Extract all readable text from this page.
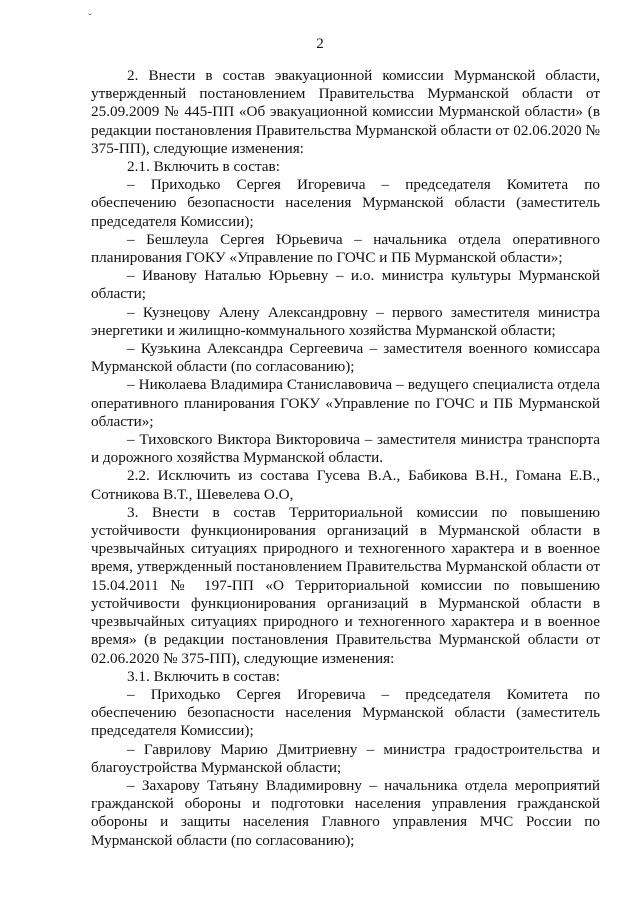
ˇ
2

2. Внести в состав эвакуационной комиссии Мурманской области, утвержденный постановлением Правительства Мурманской области от 25.09.2009 № 445-ПП «Об эвакуационной комиссии Мурманской области» (в редакции постановления Правительства Мурманской области от 02.06.2020 № 375-ПП), следующие изменения:

2.1. Включить в состав:

– Приходько Сергея Игоревича – председателя Комитета по обеспечению безопасности населения Мурманской области (заместитель председателя Комиссии);

– Бешлеула Сергея Юрьевича – начальника отдела оперативного планирования ГОКУ «Управление по ГОЧС и ПБ Мурманской области»;

– Иванову Наталью Юрьевну – и.о. министра культуры Мурманской области;

– Кузнецову Алену Александровну – первого заместителя министра энергетики и жилищно-коммунального хозяйства Мурманской области;

– Кузькина Александра Сергеевича – заместителя военного комиссара Мурманской области (по согласованию);

– Николаева Владимира Станиславовича – ведущего специалиста отдела оперативного планирования ГОКУ «Управление по ГОЧС и ПБ Мурманской области»;

– Тиховского Виктора Викторовича – заместителя министра транспорта и дорожного хозяйства Мурманской области.

2.2. Исключить из состава Гусева В.А., Бабикова В.Н., Гомана Е.В., Сотникова В.Т., Шевелева О.О,

3. Внести в состав Территориальной комиссии по повышению устойчивости функционирования организаций в Мурманской области в чрезвычайных ситуациях природного и техногенного характера и в военное время, утвержденный постановлением Правительства Мурманской области от 15.04.2011 № 197-ПП «О Территориальной комиссии по повышению устойчивости функционирования организаций в Мурманской области в чрезвычайных ситуациях природного и техногенного характера и в военное время» (в редакции постановления Правительства Мурманской области от 02.06.2020 № 375-ПП), следующие изменения:

3.1. Включить в состав:

– Приходько Сергея Игоревича – председателя Комитета по обеспечению безопасности населения Мурманской области (заместитель председателя Комиссии);

– Гаврилову Марию Дмитриевну – министра градостроительства и благоустройства Мурманской области;

– Захарову Татьяну Владимировну – начальника отдела мероприятий гражданской обороны и подготовки населения управления гражданской обороны и защиты населения Главного управления МЧС России по Мурманской области (по согласованию);
